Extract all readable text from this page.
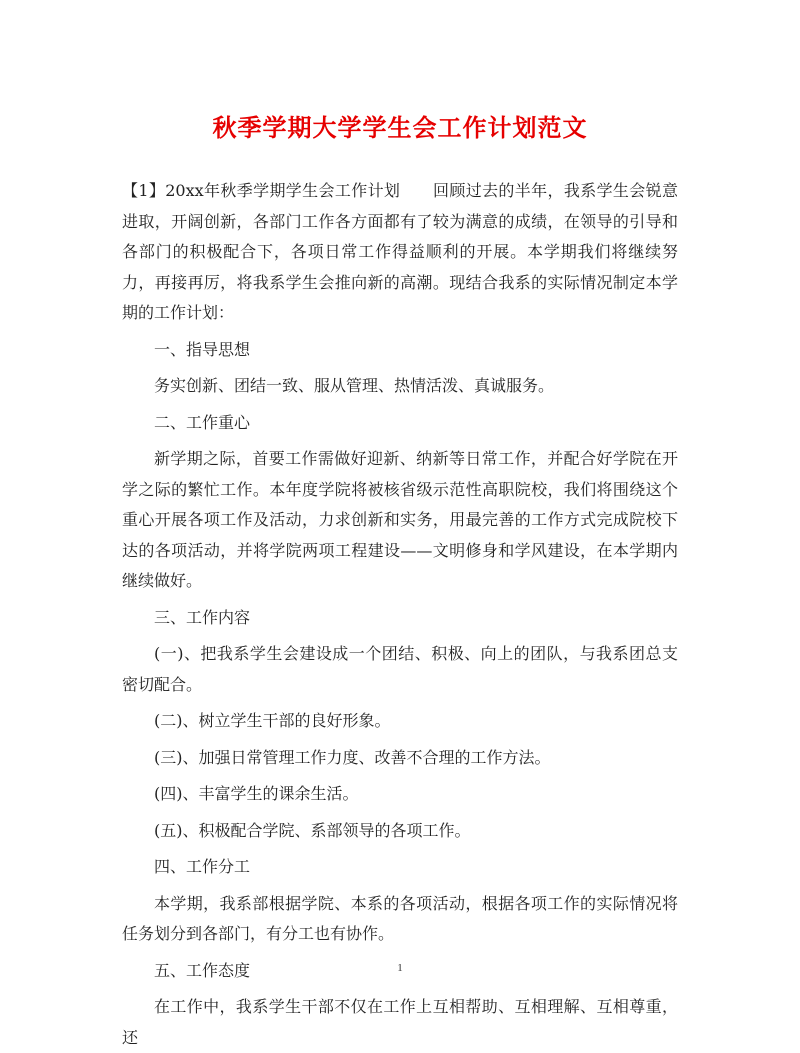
秋季学期大学学生会工作计划范文

【1】20xx年秋季学期学生会工作计划　　回顾过去的半年，我系学生会锐意进取，开阔创新，各部门工作各方面都有了较为满意的成绩，在领导的引导和各部门的积极配合下，各项日常工作得益顺利的开展。本学期我们将继续努力，再接再厉，将我系学生会推向新的高潮。现结合我系的实际情况制定本学期的工作计划：

一、指导思想

务实创新、团结一致、服从管理、热情活泼、真诚服务。

二、工作重心

新学期之际，首要工作需做好迎新、纳新等日常工作，并配合好学院在开学之际的繁忙工作。本年度学院将被核省级示范性高职院校，我们将围绕这个重心开展各项工作及活动，力求创新和实务，用最完善的工作方式完成院校下达的各项活动，并将学院两项工程建设——文明修身和学风建设，在本学期内继续做好。

三、工作内容

(一)、把我系学生会建设成一个团结、积极、向上的团队，与我系团总支密切配合。

(二)、树立学生干部的良好形象。

(三)、加强日常管理工作力度、改善不合理的工作方法。

(四)、丰富学生的课余生活。

(五)、积极配合学院、系部领导的各项工作。

四、工作分工

本学期，我系部根据学院、本系的各项活动，根据各项工作的实际情况将任务划分到各部门，有分工也有协作。

五、工作态度

在工作中，我系学生干部不仅在工作上互相帮助、互相理解、互相尊重，还

1
